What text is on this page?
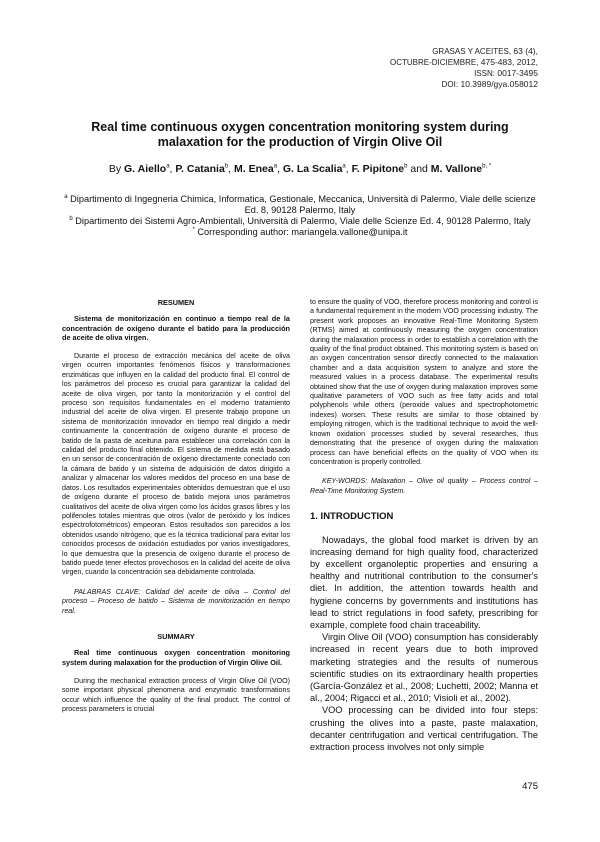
GRASAS Y ACEITES, 63 (4),
OCTUBRE-DICIEMBRE, 475-483, 2012,
ISSN: 0017-3495
DOI: 10.3989/gya.058012
Real time continuous oxygen concentration monitoring system during malaxation for the production of Virgin Olive Oil
By G. Aiello$^a$, P. Catania$^b$, M. Enea$^a$, G. La Scalia$^a$, F. Pipitone$^b$ and M. Vallone$^{b, *}$
$^a$ Dipartimento di Ingegneria Chimica, Informatica, Gestionale, Meccanica, Università di Palermo, Viale delle scienze Ed. 8, 90128 Palermo, Italy
$^b$ Dipartimento dei Sistemi Agro-Ambientali, Università di Palermo, Viale delle Scienze Ed. 4, 90128 Palermo, Italy
* Corresponding author: mariangela.vallone@unipa.it
RESUMEN
Sistema de monitorización en continuo a tiempo real de la concentración de oxígeno durante el batido para la producción de aceite de oliva virgen.
Durante el proceso de extracción mecánica del aceite de oliva virgen ocurren importantes fenómenos físicos y transformaciones enzimáticas que influyen en la calidad del producto final. El control de los parámetros del proceso es crucial para garantizar la calidad del aceite de oliva virgen, por tanto la monitorización y el control del proceso son requisitos fundamentales en el moderno tratamiento industrial del aceite de oliva virgen. El presente trabajo propone un sistema de monitorización innovador en tiempo real dirigido a medir continuamente la concentración de oxígeno durante el proceso de batido de la pasta de aceituna para establecer una correlación con la calidad del producto final obtenido. El sistema de medida está basado en un sensor de concentración de oxígeno directamente conectado con la cámara de batido y un sistema de adquisición de datos dirigido a analizar y almacenar los valores medidos del proceso en una base de datos. Los resultados experimentales obtenidos demuestran que el uso de oxígeno durante el proceso de batido mejora unos parámetros cualitativos del aceite de oliva virgen como los ácidos grasos libres y los polifenoles totales mientras que otros (valor de peróxido y los índices espectrofotométricos) empeoran. Estos resultados son parecidos a los obtenidos usando nitrógeno, que es la técnica tradicional para evitar los conocidos procesos de oxidación estudiados por varios investigadores, lo que demuestra que la presencia de oxígeno durante el proceso de batido puede tener efectos provechosos en la calidad del aceite de oliva virgen, cuando la concentración sea debidamente controlada.
PALABRAS CLAVE: Calidad del aceite de oliva – Control del proceso – Proceso de batido – Sistema de monitorización en tiempo real.
SUMMARY
Real time continuous oxygen concentration monitoring system during malaxation for the production of Virgin Olive Oil.
During the mechanical extraction process of Virgin Olive Oil (VOO) some important physical phenomena and enzymatic transformations occur which influence the quality of the final product. The control of process parameters is crucial
to ensure the quality of VOO, therefore process monitoring and control is a fundamental requirement in the modern VOO processing industry. The present work proposes an innovative Real-Time Monitoring System (RTMS) aimed at continuously measuring the oxygen concentration during the malaxation process in order to establish a correlation with the quality of the final product obtained. This monitoring system is based on an oxygen concentration sensor directly connected to the malaxation chamber and a data acquisition system to analyze and store the measured values in a process database. The experimental results obtained show that the use of oxygen during malaxation improves some qualitative parameters of VOO such as free fatty acids and total polyphenols while others (peroxide values and spectrophotometric indexes) worsen. These results are similar to those obtained by employing nitrogen, which is the traditional technique to avoid the well-known oxidation processes studied by several researches, thus demonstrating that the presence of oxygen during the malaxation process can have beneficial effects on the quality of VOO when its concentration is properly controlled.
KEY-WORDS: Malaxation – Olive oil quality – Process control – Real-Time Monitoring System.
1. INTRODUCTION
Nowadays, the global food market is driven by an increasing demand for high quality food, characterized by excellent organoleptic properties and ensuring a healthy and nutritional contribution to the consumer's diet. In addition, the attention towards health and hygiene concerns by governments and institutions has lead to strict regulations in food safety, prescribing for example, complete food chain traceability.
Virgin Olive Oil (VOO) consumption has considerably increased in recent years due to both improved marketing strategies and the results of numerous scientific studies on its extraordinary health properties (García-González et al., 2008; Luchetti, 2002; Manna et al., 2004; Rigacci et al., 2010; Visioli et al., 2002).
VOO processing can be divided into four steps: crushing the olives into a paste, paste malaxation, decanter centrifugation and vertical centrifugation. The extraction process involves not only simple
475
